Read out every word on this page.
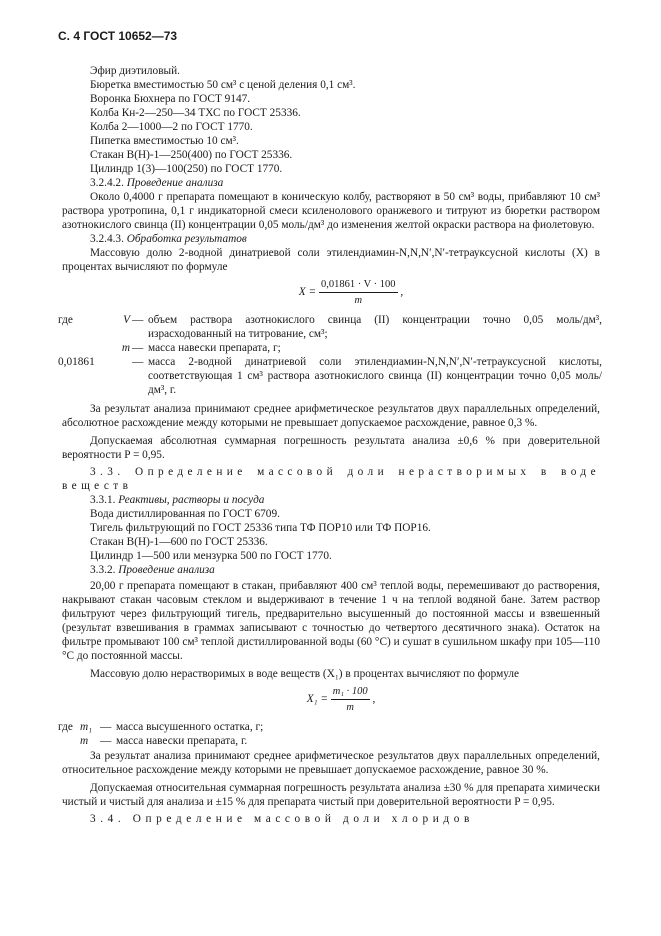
С. 4 ГОСТ 10652—73

Эфир диэтиловый.

Бюретка вместимостью 50 см³ с ценой деления 0,1 см³.

Воронка Бюхнера по ГОСТ 9147.

Колба Кн-2—250—34 ТХС по ГОСТ 25336.

Колба 2—1000—2 по ГОСТ 1770.

Пипетка вместимостью 10 см³.

Стакан В(Н)-1—250(400) по ГОСТ 25336.

Цилиндр 1(3)—100(250) по ГОСТ 1770.

3.2.4.2. Проведение анализа

Около 0,4000 г препарата помещают в коническую колбу, растворяют в 50 см³ воды, прибавляют 10 см³ раствора уротропина, 0,1 г индикаторной смеси ксиленолового оранжевого и титруют из бюретки раствором азотнокислого свинца (II) концентрации 0,05 моль/дм³ до изменения желтой окраски раствора на фиолетовую.

3.2.4.3. Обработка результатов

Массовую долю 2-водной динатриевой соли этилендиамин-N,N,N′,N′-тетрауксусной кислоты (X) в процентах вычисляют по формуле

$X = \frac{0,01861 \cdot V \cdot 100}{m}$ ,
где	V	—	объем раствора азотнокислого свинца (II) концентрации точно 0,05 моль/дм³, израсходованный на титрование, см³;
	m	—	масса навески препарата, г;
0,01861		—	масса 2-водной динатриевой соли этилендиамин-N,N,N′,N′-тетрауксусной кислоты, соответствующая 1 см³ раствора азотнокислого свинца (II) концентрации точно 0,05 моль/дм³, г.

За результат анализа принимают среднее арифметическое результатов двух параллельных определений, абсолютное расхождение между которыми не превышает допускаемое расхождение, равное 0,3 %.

Допускаемая абсолютная суммарная погрешность результата анализа ±0,6 % при доверительной вероятности P = 0,95.

3.3. Определение массовой доли нерастворимых в воде веществ

3.3.1. Реактивы, растворы и посуда

Вода дистиллированная по ГОСТ 6709.

Тигель фильтрующий по ГОСТ 25336 типа ТФ ПОР10 или ТФ ПОР16.

Стакан В(Н)-1—600 по ГОСТ 25336.

Цилиндр 1—500 или мензурка 500 по ГОСТ 1770.

3.3.2. Проведение анализа

20,00 г препарата помещают в стакан, прибавляют 400 см³ теплой воды, перемешивают до растворения, накрывают стакан часовым стеклом и выдерживают в течение 1 ч на теплой водяной бане. Затем раствор фильтруют через фильтрующий тигель, предварительно высушенный до постоянной массы и взвешенный (результат взвешивания в граммах записывают с точностью до четвертого десятичного знака). Остаток на фильтре промывают 100 см³ теплой дистиллированной воды (60 °С) и сушат в сушильном шкафу при 105—110 °С до постоянной массы.

Массовую долю нерастворимых в воде веществ (X₁) в процентах вычисляют по формуле

$X_1 = \frac{\text{m₁ · 100}}{m}$ ,
где	m₁	—	масса высушенного остатка, г;
	m	—	масса навески препарата, г.

За результат анализа принимают среднее арифметическое результатов двух параллельных определений, относительное расхождение между которыми не превышает допускаемое расхождение, равное 30 %.

Допускаемая относительная суммарная погрешность результата анализа ±30 % для препарата химически чистый и чистый для анализа и ±15 % для препарата чистый при доверительной вероятности P = 0,95.

3.4. Определение массовой доли хлоридов
